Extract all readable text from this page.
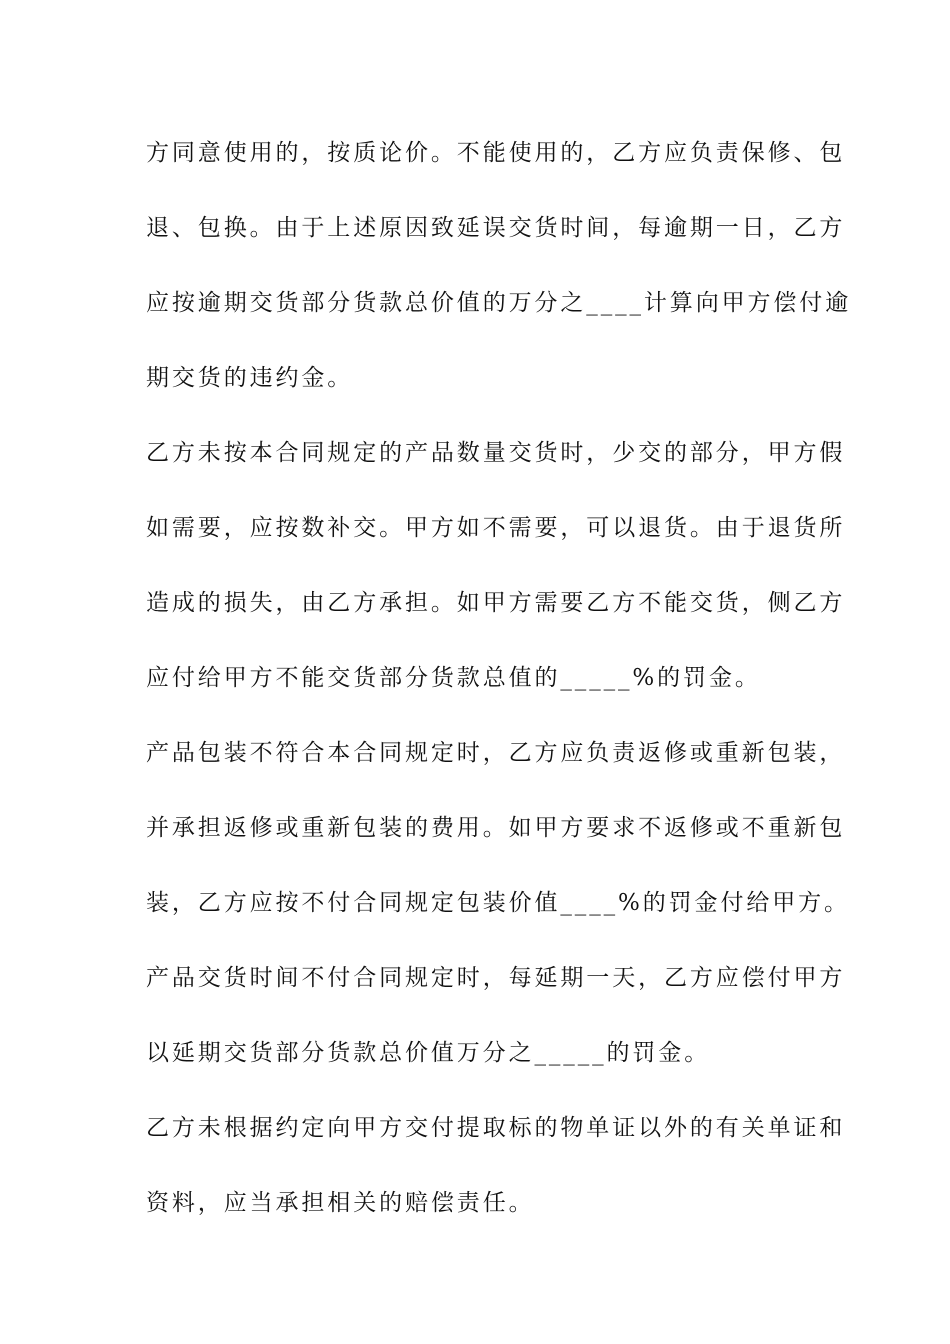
方同意使用的，按质论价。不能使用的，乙方应负责保修、包
退、包换。由于上述原因致延误交货时间，每逾期一日，乙方
应按逾期交货部分货款总价值的万分之____计算向甲方偿付逾
期交货的违约金。
乙方未按本合同规定的产品数量交货时，少交的部分，甲方假
如需要，应按数补交。甲方如不需要，可以退货。由于退货所
造成的损失，由乙方承担。如甲方需要乙方不能交货，侧乙方
应付给甲方不能交货部分货款总值的_____%的罚金。
产品包装不符合本合同规定时，乙方应负责返修或重新包装，
并承担返修或重新包装的费用。如甲方要求不返修或不重新包
装，乙方应按不付合同规定包装价值____%的罚金付给甲方。
产品交货时间不付合同规定时，每延期一天，乙方应偿付甲方
以延期交货部分货款总价值万分之_____的罚金。
乙方未根据约定向甲方交付提取标的物单证以外的有关单证和
资料，应当承担相关的赔偿责任。
